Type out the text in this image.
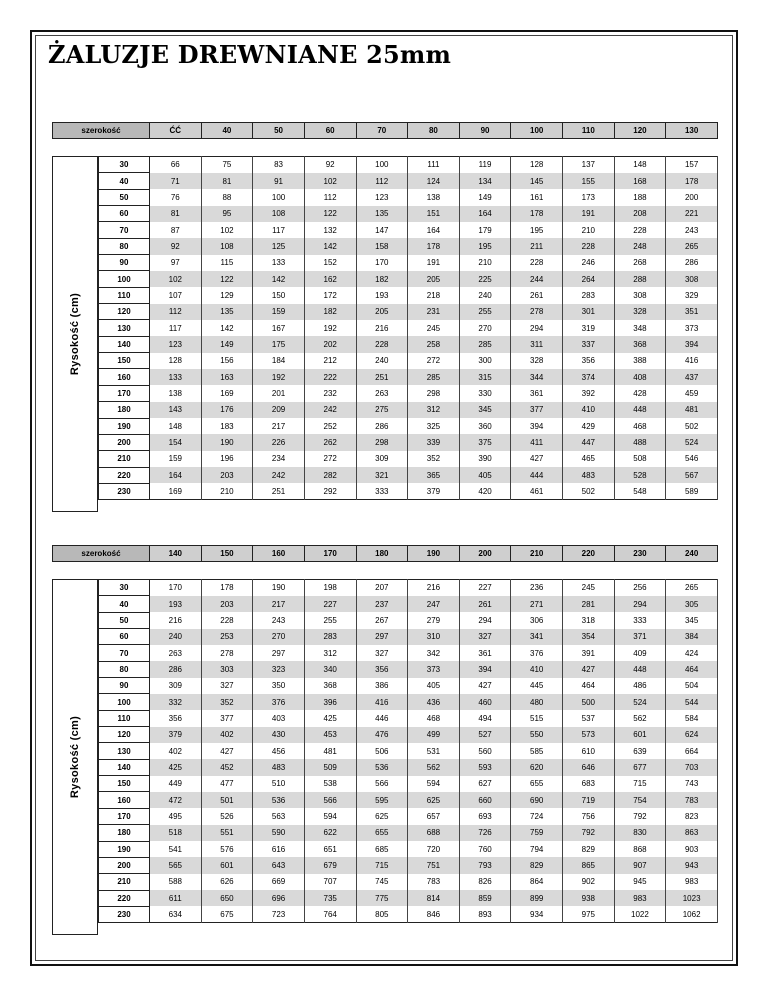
ŻALUZJE DREWNIANE 25mm
szerokość	ĆĆ	40	50	60	70	80	90	100	110	120	130
Rysokość (cm)
30	66	75	83	92	100	111	119	128	137	148	157
40	71	81	91	102	112	124	134	145	155	168	178
50	76	88	100	112	123	138	149	161	173	188	200
60	81	95	108	122	135	151	164	178	191	208	221
70	87	102	117	132	147	164	179	195	210	228	243
80	92	108	125	142	158	178	195	211	228	248	265
90	97	115	133	152	170	191	210	228	246	268	286
100	102	122	142	162	182	205	225	244	264	288	308
110	107	129	150	172	193	218	240	261	283	308	329
120	112	135	159	182	205	231	255	278	301	328	351
130	117	142	167	192	216	245	270	294	319	348	373
140	123	149	175	202	228	258	285	311	337	368	394
150	128	156	184	212	240	272	300	328	356	388	416
160	133	163	192	222	251	285	315	344	374	408	437
170	138	169	201	232	263	298	330	361	392	428	459
180	143	176	209	242	275	312	345	377	410	448	481
190	148	183	217	252	286	325	360	394	429	468	502
200	154	190	226	262	298	339	375	411	447	488	524
210	159	196	234	272	309	352	390	427	465	508	546
220	164	203	242	282	321	365	405	444	483	528	567
230	169	210	251	292	333	379	420	461	502	548	589
szerokość	140	150	160	170	180	190	200	210	220	230	240
Rysokość (cm)
30	170	178	190	198	207	216	227	236	245	256	265
40	193	203	217	227	237	247	261	271	281	294	305
50	216	228	243	255	267	279	294	306	318	333	345
60	240	253	270	283	297	310	327	341	354	371	384
70	263	278	297	312	327	342	361	376	391	409	424
80	286	303	323	340	356	373	394	410	427	448	464
90	309	327	350	368	386	405	427	445	464	486	504
100	332	352	376	396	416	436	460	480	500	524	544
110	356	377	403	425	446	468	494	515	537	562	584
120	379	402	430	453	476	499	527	550	573	601	624
130	402	427	456	481	506	531	560	585	610	639	664
140	425	452	483	509	536	562	593	620	646	677	703
150	449	477	510	538	566	594	627	655	683	715	743
160	472	501	536	566	595	625	660	690	719	754	783
170	495	526	563	594	625	657	693	724	756	792	823
180	518	551	590	622	655	688	726	759	792	830	863
190	541	576	616	651	685	720	760	794	829	868	903
200	565	601	643	679	715	751	793	829	865	907	943
210	588	626	669	707	745	783	826	864	902	945	983
220	611	650	696	735	775	814	859	899	938	983	1023
230	634	675	723	764	805	846	893	934	975	1022	1062
